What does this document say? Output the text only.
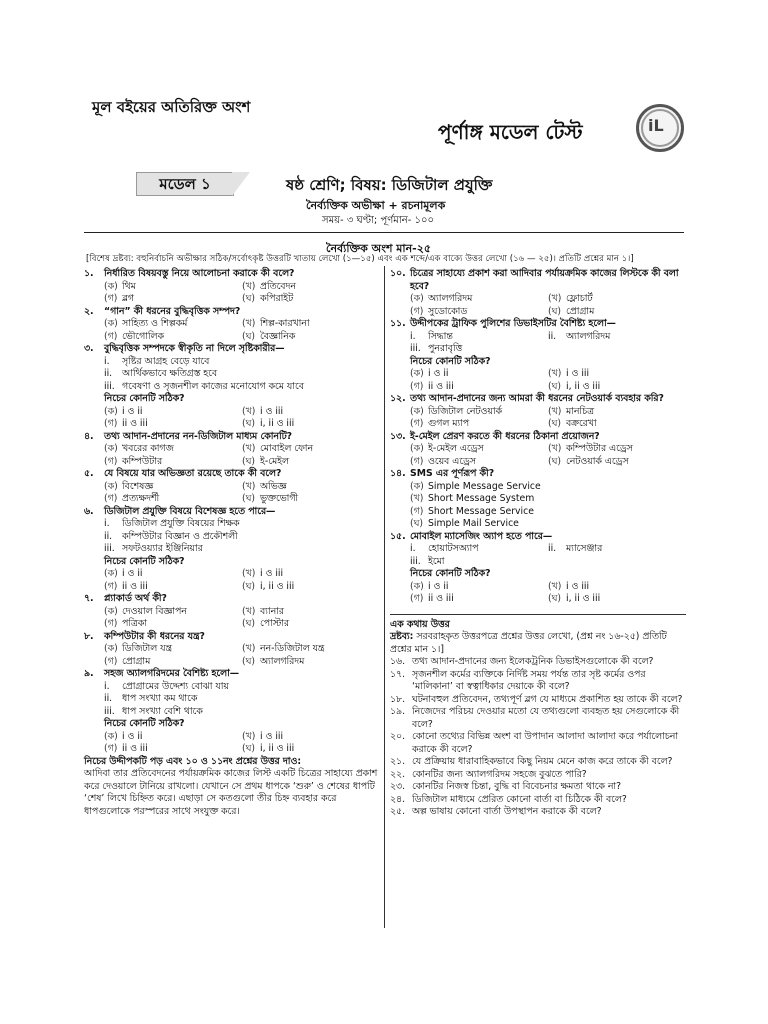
মূল বইয়ের অতিরিক্ত অংশ
পূর্ণাঙ্গ মডেল টেস্ট	iL
মডেল ১	ষষ্ঠ শ্রেণি; বিষয়: ডিজিটাল প্রযুক্তি
নৈর্ব্যক্তিক অভীক্ষা + রচনামূলক
সময়- ৩ ঘণ্টা; পূর্ণমান- ১০০
নৈর্ব্যক্তিক অংশ মান-২৫
[বিশেষ দ্রষ্টব্য: বহুনির্বাচনি অভীক্ষার সঠিক/সর্বোৎকৃষ্ট উত্তরটি খাতায় লেখো (১—১৫) এবং এক শব্দে/এক বাক্যে উত্তর লেখো (১৬ — ২৫)। প্রতিটি প্রশ্নের মান ১।]
১.	নির্ধারিত বিষয়বস্তু নিয়ে আলোচনা করাকে কী বলে?
(ক) থিম	(খ) প্রতিবেদন
(গ) ব্লগ	(ঘ) কপিরাইট
২.	“গান” কী ধরনের বুদ্ধিবৃত্তিক সম্পদ?
(ক) সাহিত্য ও শিল্পকর্ম	(খ) শিল্প-কারখানা
(গ) ভৌগোলিক	(ঘ) বৈজ্ঞানিক
৩.	বুদ্ধিবৃত্তিক সম্পদকে স্বীকৃতি না দিলে সৃষ্টিকারীর—
i.	সৃষ্টির আগ্রহ বেড়ে যাবে
ii.	আর্থিকভাবে ক্ষতিগ্রস্ত হবে
iii. গবেষণা ও সৃজনশীল কাজের মনোযোগ কমে যাবে
নিচের কোনটি সঠিক?
(ক) i ও ii	(খ) i ও iii
(গ) ii ও iii	(ঘ) i, ii ও iii
৪.	তথ্য আদান-প্রদানের নন-ডিজিটাল মাধ্যম কোনটি?
(ক) খবরের কাগজ	(খ) মোবাইল ফোন
(গ) কম্পিউটার	(ঘ) ই-মেইল
৫.	যে বিষয়ে যার অভিজ্ঞতা রয়েছে তাকে কী বলে?
(ক) বিশেষজ্ঞ	(খ) অভিজ্ঞ
(গ) প্রত্যক্ষদর্শী	(ঘ) ভুক্তভোগী
৬.	ডিজিটাল প্রযুক্তি বিষয়ে বিশেষজ্ঞ হতে পারে—
i.	ডিজিটাল প্রযুক্তি বিষয়ের শিক্ষক
ii.	কম্পিউটার বিজ্ঞান ও প্রকৌশলী
iii. সফটওয়্যার ইঞ্জিনিয়ার
নিচের কোনটি সঠিক?
(ক) i ও ii	(খ) i ও iii
(গ) ii ও iii	(ঘ) i, ii ও iii
৭.	প্ল্যাকার্ড অর্থ কী?
(ক) দেওয়াল বিজ্ঞাপন	(খ) ব্যানার
(গ) পত্রিকা	(ঘ) পোস্টার
৮.	কম্পিউটার কী ধরনের যন্ত্র?
(ক) ডিজিটাল যন্ত্র	(খ) নন-ডিজিটাল যন্ত্র
(গ) প্রোগ্রাম	(ঘ) অ্যালগরিদম
৯.	সহজ অ্যালগরিদমের বৈশিষ্ট্য হলো—
i.	প্রোগ্রামের উদ্দেশ্য বোঝা যায়
ii.	ধাপ সংখ্যা কম থাকে
iii. ধাপ সংখ্যা বেশি থাকে
নিচের কোনটি সঠিক?
(ক) i ও ii	(খ) i ও iii
(গ) ii ও iii	(ঘ) i, ii ও iii
নিচের উদ্দীপকটি পড় এবং ১০ ও ১১নং প্রশ্নের উত্তর দাও:
আদিবা তার প্রতিবেদনের পর্যায়ক্রমিক কাজের লিস্ট একটি চিত্রের সাহায্যে প্রকাশ করে দেওয়ালে টানিয়ে রাখলো। যেখানে সে প্রথম ধাপকে ‘শুরু’ ও শেষের ধাপটি ‘শেষ’ লিখে চিহ্নিত করে। এছাড়া সে কতগুলো তীর চিহ্ন ব্যবহার করে ধাপগুলোকে পরস্পরের সাথে সংযুক্ত করে।
১০. চিত্রের সাহায্যে প্রকাশ করা আদিবার পর্যায়ক্রমিক কাজের লিস্টকে কী বলা হবে?
(ক) অ্যালগরিদম	(খ) ফ্লোচার্ট
(গ) সুডোকোড	(ঘ) প্রোগ্রাম
১১. উদ্দীপকের ট্রাফিক পুলিশের ডিভাইসটির বৈশিষ্ট্য হলো—
i.	সিদ্ধান্ত	ii.	অ্যালগরিদম
iii. পুনরাবৃত্তি
নিচের কোনটি সঠিক?
(ক) i ও ii	(খ) i ও iii
(গ) ii ও iii	(ঘ) i, ii ও iii
১২. তথ্য আদান-প্রদানের জন্য আমরা কী ধরনের নেটওয়ার্ক ব্যবহার করি?
(ক) ডিজিটাল নেটওয়ার্ক	(খ) মানচিত্র
(গ) গুগল ম্যাপ	(ঘ) বক্ররেখা
১৩. ই-মেইল প্রেরণ করতে কী ধরনের ঠিকানা প্রয়োজন?
(ক) ই-মেইল এড্রেস	(খ) কম্পিউটার এড্রেস
(গ) ওয়েব এড্রেস	(ঘ) নেটওয়ার্ক এড্রেস
১৪. SMS এর পূর্ণরূপ কী?
(ক) Simple Message Service
(খ) Short Message System
(গ) Short Message Service
(ঘ) Simple Mail Service
১৫. মোবাইল ম্যাসেজিং অ্যাপ হতে পারে—
i.	হোয়াটসঅ্যাপ	ii.	ম্যাসেঞ্জার
iii. ইমো
নিচের কোনটি সঠিক?
(ক) i ও ii	(খ) i ও iii
(গ) ii ও iii	(ঘ) i, ii ও iii
এক কথায় উত্তর
দ্রষ্টব্য: সরবরাহকৃত উত্তরপত্রে প্রশ্নের উত্তর লেখো, (প্রশ্ন নং ১৬-২৫) প্রতিটি প্রশ্নের মান ১।]
১৬. তথ্য আদান-প্রদানের জন্য ইলেকট্রনিক ডিভাইসগুলোকে কী বলে?
১৭. সৃজনশীল কর্মের ব্যক্তিকে নির্দিষ্ট সময় পর্যন্ত তার সৃষ্ট কর্মের ওপর ‘মালিকানা’ বা স্বত্বাধিকার দেয়াকে কী বলে?
১৮. ঘটনাবহুল প্রতিবেদন, তথ্যপূর্ণ ব্লগ যে মাধ্যমে প্রকাশিত হয় তাকে কী বলে?
১৯. নিজেদের পরিচয় দেওয়ার মতো যে তথ্যগুলো ব্যবহৃত হয় সেগুলোকে কী বলে?
২০. কোনো তথ্যের বিভিন্ন অংশ বা উপাদান আলাদা আলাদা করে পর্যালোচনা করাকে কী বলে?
২১. যে প্রক্রিয়ায় ধারাবাহিকভাবে কিছু নিয়ম মেনে কাজ করে তাকে কী বলে?
২২. কোনটির জন্য অ্যালগরিদম সহজে বুঝতে পারি?
২৩. কোনটির নিজস্ব চিন্তা, বুদ্ধি বা বিবেচনার ক্ষমতা থাকে না?
২৪. ডিজিটাল মাধ্যমে প্রেরিত কোনো বার্তা বা চিঠিকে কী বলে?
২৫. অল্প ভাষায় কোনো বার্তা উপস্থাপন করাকে কী বলে?
